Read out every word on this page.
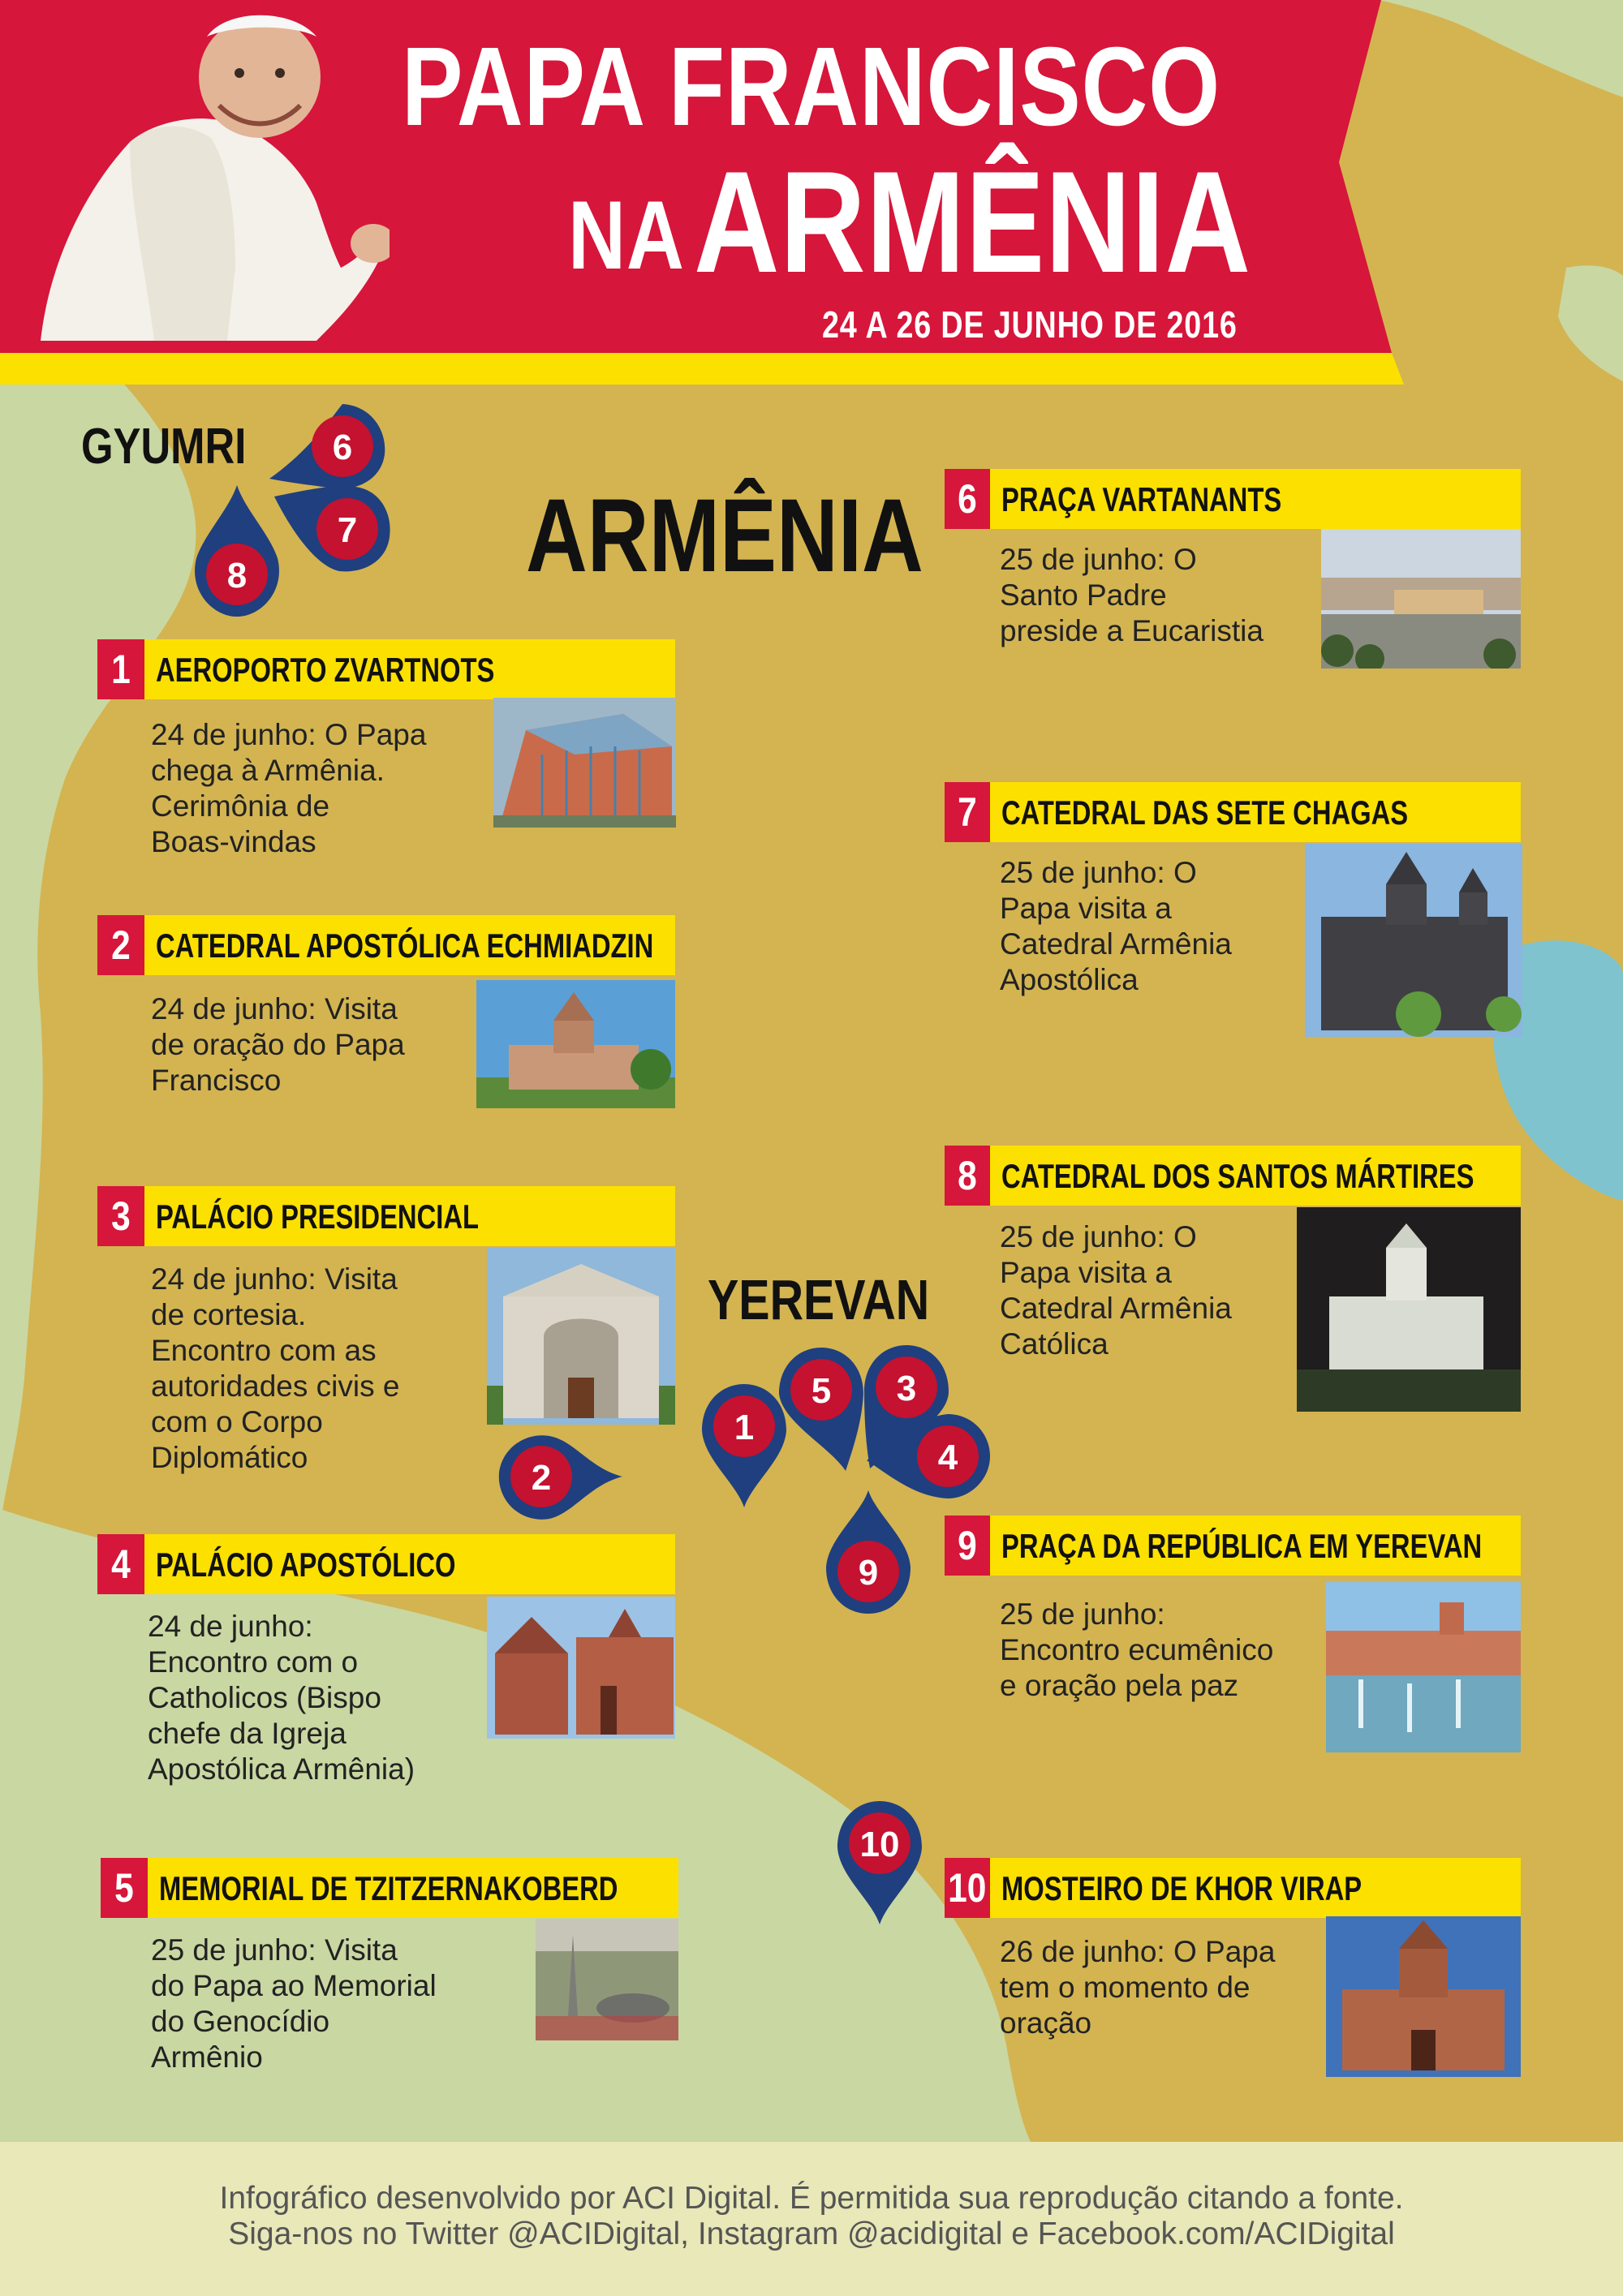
PAPA FRANCISCO
NA ARMÊNIA
24 A 26 DE JUNHO DE 2016
GYUMRI
ARMÊNIA
YEREVAN
6
7
8
2
1
5 3
4
9
10
AEROPORTO ZVARTNOTS
1
24 de junho: O Papa
chega à Armênia.
Cerimônia de
Boas-vindas
CATEDRAL APOSTÓLICA ECHMIADZIN
2
24 de junho: Visita
de oração do Papa
Francisco
PALÁCIO PRESIDENCIAL
3
24 de junho: Visita
de cortesia.
Encontro com as
autoridades civis e
com o Corpo
Diplomático
PALÁCIO APOSTÓLICO
4
24 de junho:
Encontro com o
Catholicos (Bispo
chefe da Igreja
Apostólica Armênia)
MEMORIAL DE TZITZERNAKOBERD
5
25 de junho: Visita
do Papa ao Memorial
do Genocídio
Armênio
PRAÇA VARTANANTS
6
25 de junho: O
Santo Padre
preside a Eucaristia
CATEDRAL DAS SETE CHAGAS
7
25 de junho: O
Papa visita a
Catedral Armênia
Apostólica
CATEDRAL DOS SANTOS MÁRTIRES
8
25 de junho: O
Papa visita a
Catedral Armênia
Católica
PRAÇA DA REPÚBLICA EM YEREVAN
9
25 de junho:
Encontro ecumênico
e oração pela paz
MOSTEIRO DE KHOR VIRAP
10
26 de junho: O Papa
tem o momento de
oração
Infográfico desenvolvido por ACI Digital. É permitida sua reprodução citando a fonte.
Siga-nos no Twitter @ACIDigital, Instagram @acidigital e Facebook.com/ACIDigital
